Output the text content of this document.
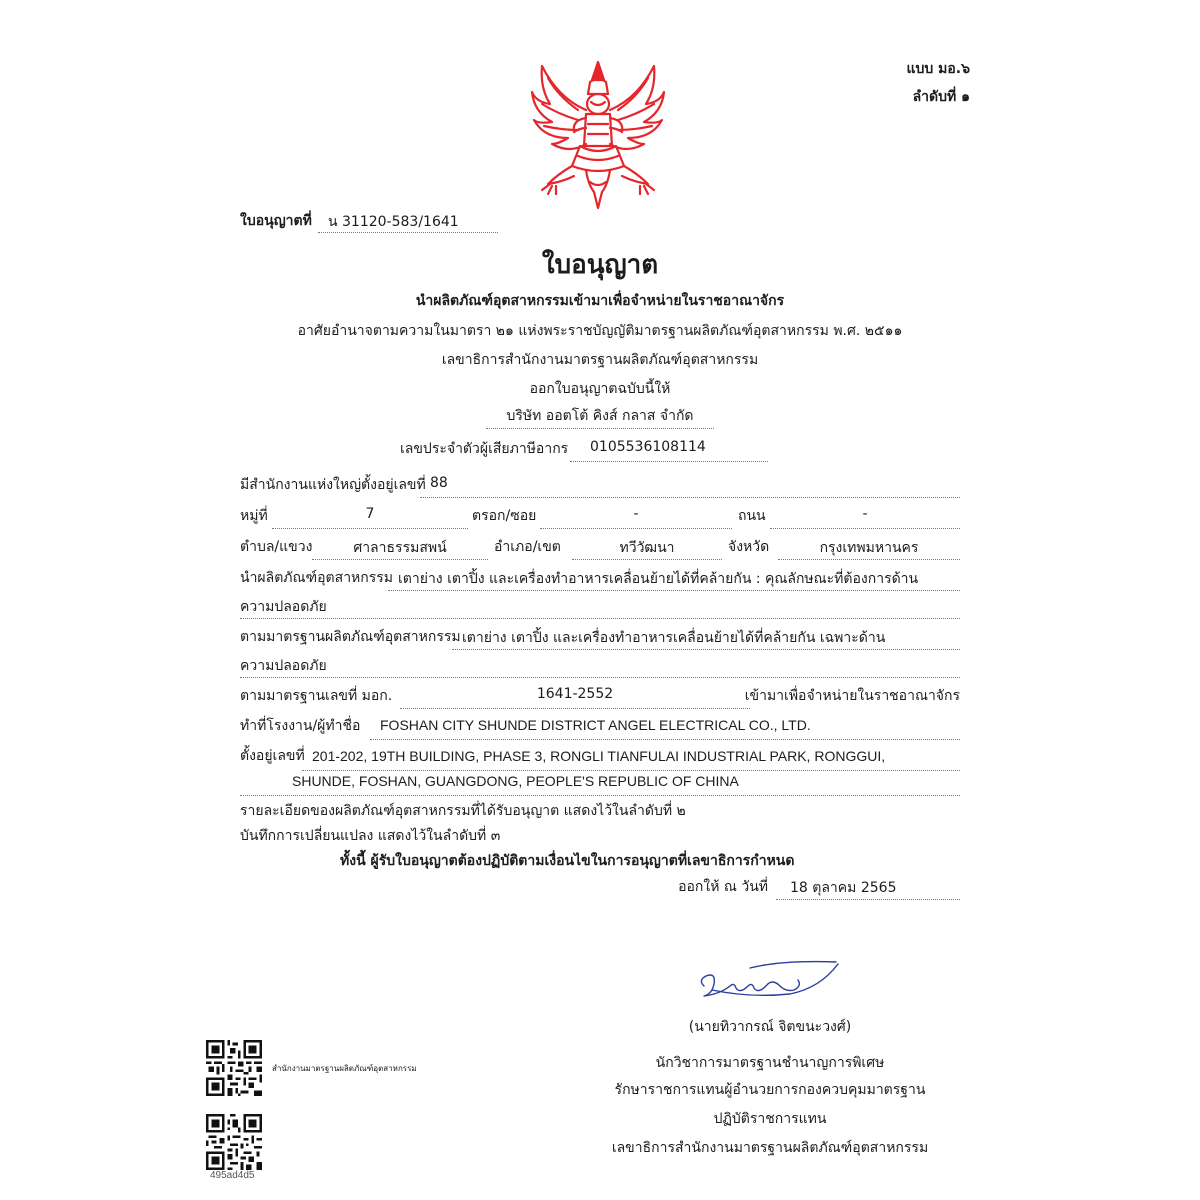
แบบ มอ.๖
ลำดับที่ ๑
ใบอนุญาตที่ น 31120-583/1641
ใบอนุญาต
นำผลิตภัณฑ์อุตสาหกรรมเข้ามาเพื่อจำหน่ายในราชอาณาจักร
อาศัยอำนาจตามความในมาตรา ๒๑ แห่งพระราชบัญญัติมาตรฐานผลิตภัณฑ์อุตสาหกรรม พ.ศ. ๒๕๑๑
เลขาธิการสำนักงานมาตรฐานผลิตภัณฑ์อุตสาหกรรม
ออกใบอนุญาตฉบับนี้ให้
บริษัท ออตโต้ คิงส์ กลาส จำกัด
เลขประจำตัวผู้เสียภาษีอากร 0105536108114
มีสำนักงานแห่งใหญ่ตั้งอยู่เลขที่ 88
หมู่ที่	7	ตรอก/ซอย	-	ถนน	-
ตำบล/แขวง	ศาลาธรรมสพน์	อำเภอ/เขต	ทวีวัฒนา	จังหวัด	กรุงเทพมหานคร
นำผลิตภัณฑ์อุตสาหกรรม เตาย่าง เตาปิ้ง และเครื่องทำอาหารเคลื่อนย้ายได้ที่คล้ายกัน : คุณลักษณะที่ต้องการด้าน
ความปลอดภัย
ตามมาตรฐานผลิตภัณฑ์อุตสาหกรรม เตาย่าง เตาปิ้ง และเครื่องทำอาหารเคลื่อนย้ายได้ที่คล้ายกัน เฉพาะด้าน
ความปลอดภัย
ตามมาตรฐานเลขที่ มอก.	1641-2552	เข้ามาเพื่อจำหน่ายในราชอาณาจักร
ทำที่โรงงาน/ผู้ทำชื่อ FOSHAN CITY SHUNDE DISTRICT ANGEL ELECTRICAL CO., LTD.
ตั้งอยู่เลขที่ 201-202, 19TH BUILDING, PHASE 3, RONGLI TIANFULAI INDUSTRIAL PARK, RONGGUI,
SHUNDE, FOSHAN, GUANGDONG, PEOPLE'S REPUBLIC OF CHINA
รายละเอียดของผลิตภัณฑ์อุตสาหกรรมที่ได้รับอนุญาต แสดงไว้ในลำดับที่ ๒
บันทึกการเปลี่ยนแปลง แสดงไว้ในลำดับที่ ๓
ทั้งนี้ ผู้รับใบอนุญาตต้องปฏิบัติตามเงื่อนไขในการอนุญาตที่เลขาธิการกำหนด
ออกให้ ณ วันที่ 18 ตุลาคม 2565
(นายทิวากรณ์ จิตขนะวงศ์)
นักวิชาการมาตรฐานชำนาญการพิเศษ
รักษาราชการแทนผู้อำนวยการกองควบคุมมาตรฐาน
ปฏิบัติราชการแทน
เลขาธิการสำนักงานมาตรฐานผลิตภัณฑ์อุตสาหกรรม
สำนักงานมาตรฐานผลิตภัณฑ์อุตสาหกรรม
495ad4d5
